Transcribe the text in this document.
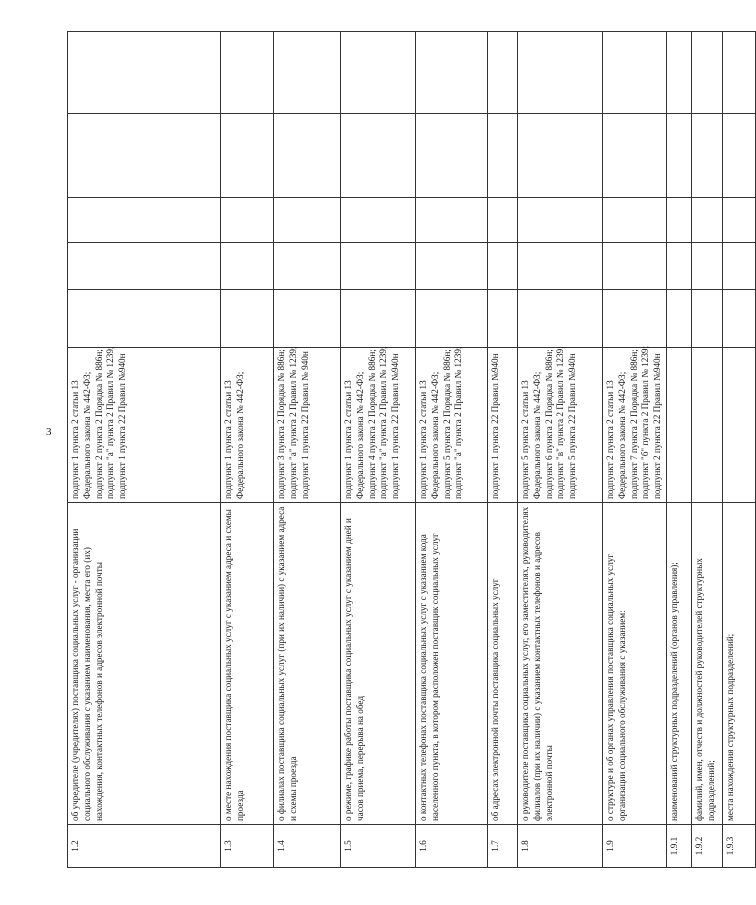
3
1.2	об учредителе (учредителях) поставщика социальных услуг - организации социального обслуживания с указанием наименования, места его (их) нахождения, контактных телефонов и адресов электронной почты	подпункт 1 пункта 2 статьи 13 Федерального закона № 442-ФЗ; подпункт 2 пункта 2 Порядка № 886н; подпункт "a" пункта 2 Правил № 1239; подпункт 1 пункта 22 Правил №940н					

1.3	о месте нахождения поставщика социальных услуг с указанием адреса и схемы проезда	подпункт 1 пункта 2 статьи 13 Федерального закона № 442-ФЗ;					

1.4	о филиалах поставщика социальных услуг (при их наличии) с указанием адреса и схемы проезда	подпункт 3 пункта 2 Порядка № 886н; подпункт "a" пункта 2 Правил № 1239; подпункт 1 пункта 22 Правил № 940н					

1.5	о режиме, графике работы поставщика социальных услуг с указанием дней и часов приема, перерыва на обед	подпункт 1 пункта 2 статьи 13 Федерального закона № 442-ФЗ; подпункт 4 пункта 2 Порядка № 886н; подпункт "a" пункта 2 Правил № 1239; подпункт 1 пункта 22 Правил №940н					

1.6	о контактных телефонах поставщика социальных услуг с указанием кода населенного пункта, в котором расположен поставщик социальных услуг	подпункт 1 пункта 2 статьи 13 Федерального закона № 442-ФЗ; подпункт 5 пункта 2 Порядка № 886н; подпункт "a" пункта 2 Правил № 1239;					

1.7	об адресах электронной почты поставщика социальных услуг	подпункт 1 пункта 22 Правил №940н					

1.8	о руководителе поставщика социальных услуг, его заместителях, руководителях филиалов (при их наличии) с указанием контактных телефонов и адресов электронной почты	подпункт 5 пункта 2 статьи 13 Федерального закона № 442-ФЗ; подпункт 6 пункта 2 Порядка № 886н; подпункт "в" пункта 2 Правил № 1239; подпункт 5 пункта 22 Правил №940н					

1.9	о структуре и об органах управления поставщика социальных услуг организации социального обслуживания с указанием:	подпункт 2 пункта 2 статьи 13 Федерального закона № 442-ФЗ; подпункт 7 пункта 2 Порядка № 886н; подпункт "б" пункта 2 Правил № 1239; подпункт 2 пункта 22 Правил №940н					

1.9.1	наименований структурных подразделений (органов управления);						
1.9.2	фамилий, имен, отчеств и должностей руководителей структурных подразделений;						
1.9.3	места нахождения структурных подразделений;						
